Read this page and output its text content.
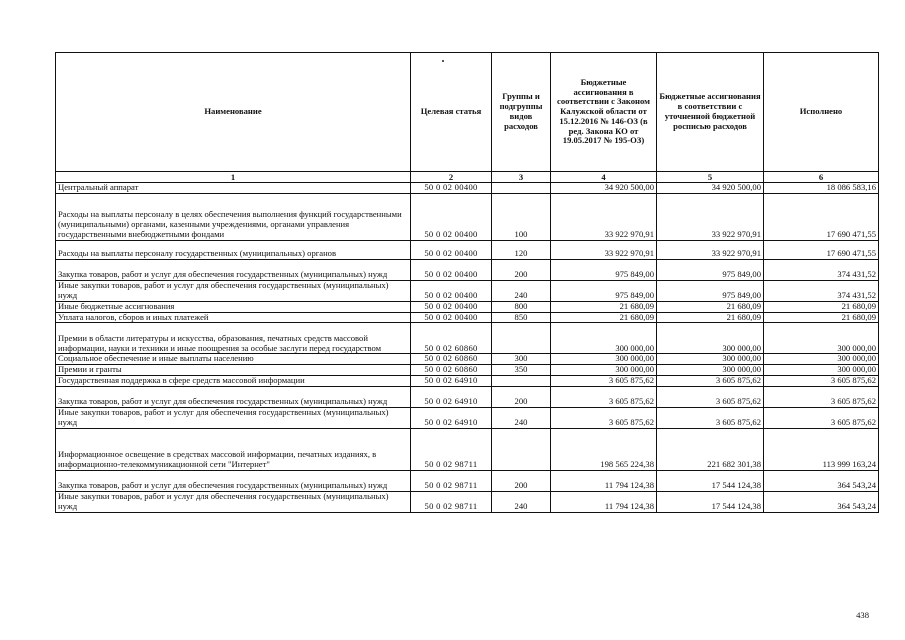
Наименование	Целевая статья	Группы и подгруппы видов расходов	Бюджетные ассигнования в соответствии с Законом Калужской области от 15.12.2016 № 146-ОЗ (в ред. Закона КО от 19.05.2017 № 195-ОЗ)	Бюджетные ассигнования в соответствии с уточненной бюджетной росписью расходов	Исполнено
1	2	3	4	5	6
Центральный аппарат	50 0 02 00400		34 920 500,00	34 920 500,00	18 086 583,16
Расходы на выплаты персоналу в целях обеспечения выполнения функций государственными (муниципальными) органами, казенными учреждениями, органами управления государственными внебюджетными фондами	50 0 02 00400	100	33 922 970,91	33 922 970,91	17 690 471,55
Расходы на выплаты персоналу государственных (муниципальных) органов	50 0 02 00400	120	33 922 970,91	33 922 970,91	17 690 471,55
Закупка товаров, работ и услуг для обеспечения государственных (муниципальных) нужд	50 0 02 00400	200	975 849,00	975 849,00	374 431,52
Иные закупки товаров, работ и услуг для обеспечения государственных (муниципальных) нужд	50 0 02 00400	240	975 849,00	975 849,00	374 431,52
Иные бюджетные ассигнования	50 0 02 00400	800	21 680,09	21 680,09	21 680,09
Уплата налогов, сборов и иных платежей	50 0 02 00400	850	21 680,09	21 680,09	21 680,09
Премии в области литературы и искусства, образования, печатных средств массовой информации, науки и техники и иные поощрения за особые заслуги перед государством	50 0 02 60860		300 000,00	300 000,00	300 000,00
Социальное обеспечение и иные выплаты населению	50 0 02 60860	300	300 000,00	300 000,00	300 000,00
Премии и гранты	50 0 02 60860	350	300 000,00	300 000,00	300 000,00
Государственная поддержка в сфере средств массовой информации	50 0 02 64910		3 605 875,62	3 605 875,62	3 605 875,62
Закупка товаров, работ и услуг для обеспечения государственных (муниципальных) нужд	50 0 02 64910	200	3 605 875,62	3 605 875,62	3 605 875,62
Иные закупки товаров, работ и услуг для обеспечения государственных (муниципальных) нужд	50 0 02 64910	240	3 605 875,62	3 605 875,62	3 605 875,62
Информационное освещение в средствах массовой информации, печатных изданиях, в информационно-телекоммуникационной сети "Интернет"	50 0 02 98711		198 565 224,38	221 682 301,38	113 999 163,24
Закупка товаров, работ и услуг для обеспечения государственных (муниципальных) нужд	50 0 02 98711	200	11 794 124,38	17 544 124,38	364 543,24
Иные закупки товаров, работ и услуг для обеспечения государственных (муниципальных) нужд	50 0 02 98711	240	11 794 124,38	17 544 124,38	364 543,24
438
